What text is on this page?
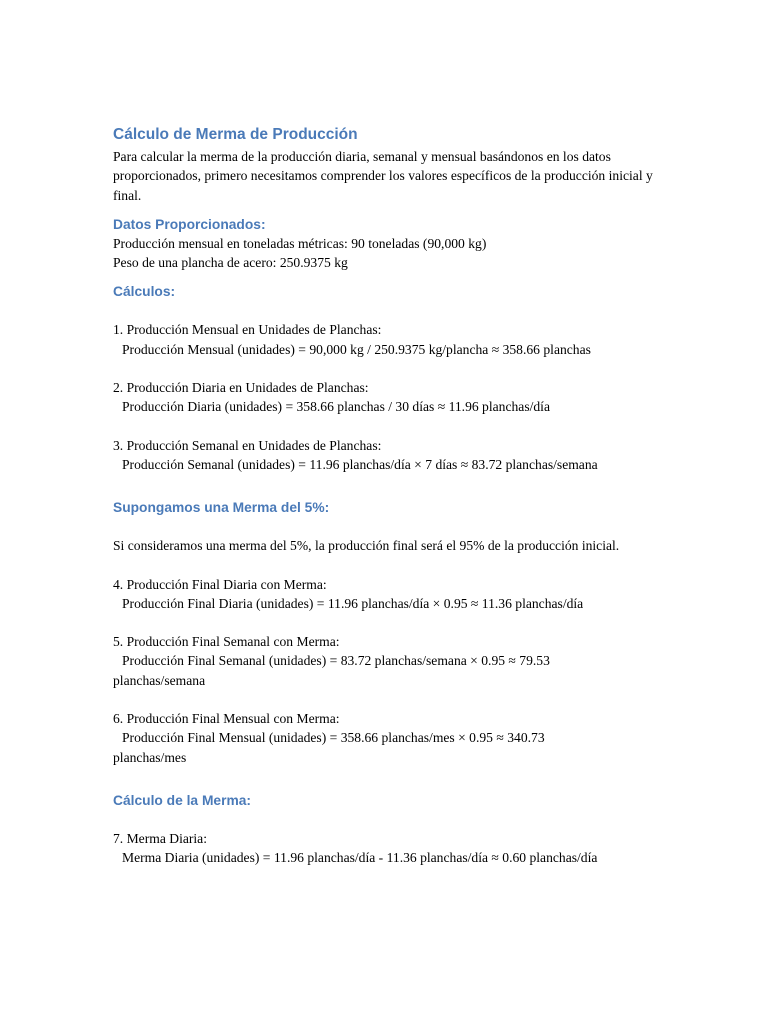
Cálculo de Merma de Producción

Para calcular la merma de la producción diaria, semanal y mensual basándonos en los datos proporcionados, primero necesitamos comprender los valores específicos de la producción inicial y final.

Datos Proporcionados:

Producción mensual en toneladas métricas: 90 toneladas (90,000 kg)

Peso de una plancha de acero: 250.9375 kg

Cálculos:

1. Producción Mensual en Unidades de Planchas:

Producción Mensual (unidades) = 90,000 kg / 250.9375 kg/plancha ≈ 358.66 planchas

2. Producción Diaria en Unidades de Planchas:

Producción Diaria (unidades) = 358.66 planchas / 30 días ≈ 11.96 planchas/día

3. Producción Semanal en Unidades de Planchas:

Producción Semanal (unidades) = 11.96 planchas/día × 7 días ≈ 83.72 planchas/semana

Supongamos una Merma del 5%:

Si consideramos una merma del 5%, la producción final será el 95% de la producción inicial.

4. Producción Final Diaria con Merma:

Producción Final Diaria (unidades) = 11.96 planchas/día × 0.95 ≈ 11.36 planchas/día

5. Producción Final Semanal con Merma:

Producción Final Semanal (unidades) = 83.72 planchas/semana × 0.95 ≈ 79.53

planchas/semana

6. Producción Final Mensual con Merma:

Producción Final Mensual (unidades) = 358.66 planchas/mes × 0.95 ≈ 340.73

planchas/mes

Cálculo de la Merma:

7. Merma Diaria:

Merma Diaria (unidades) = 11.96 planchas/día - 11.36 planchas/día ≈ 0.60 planchas/día
